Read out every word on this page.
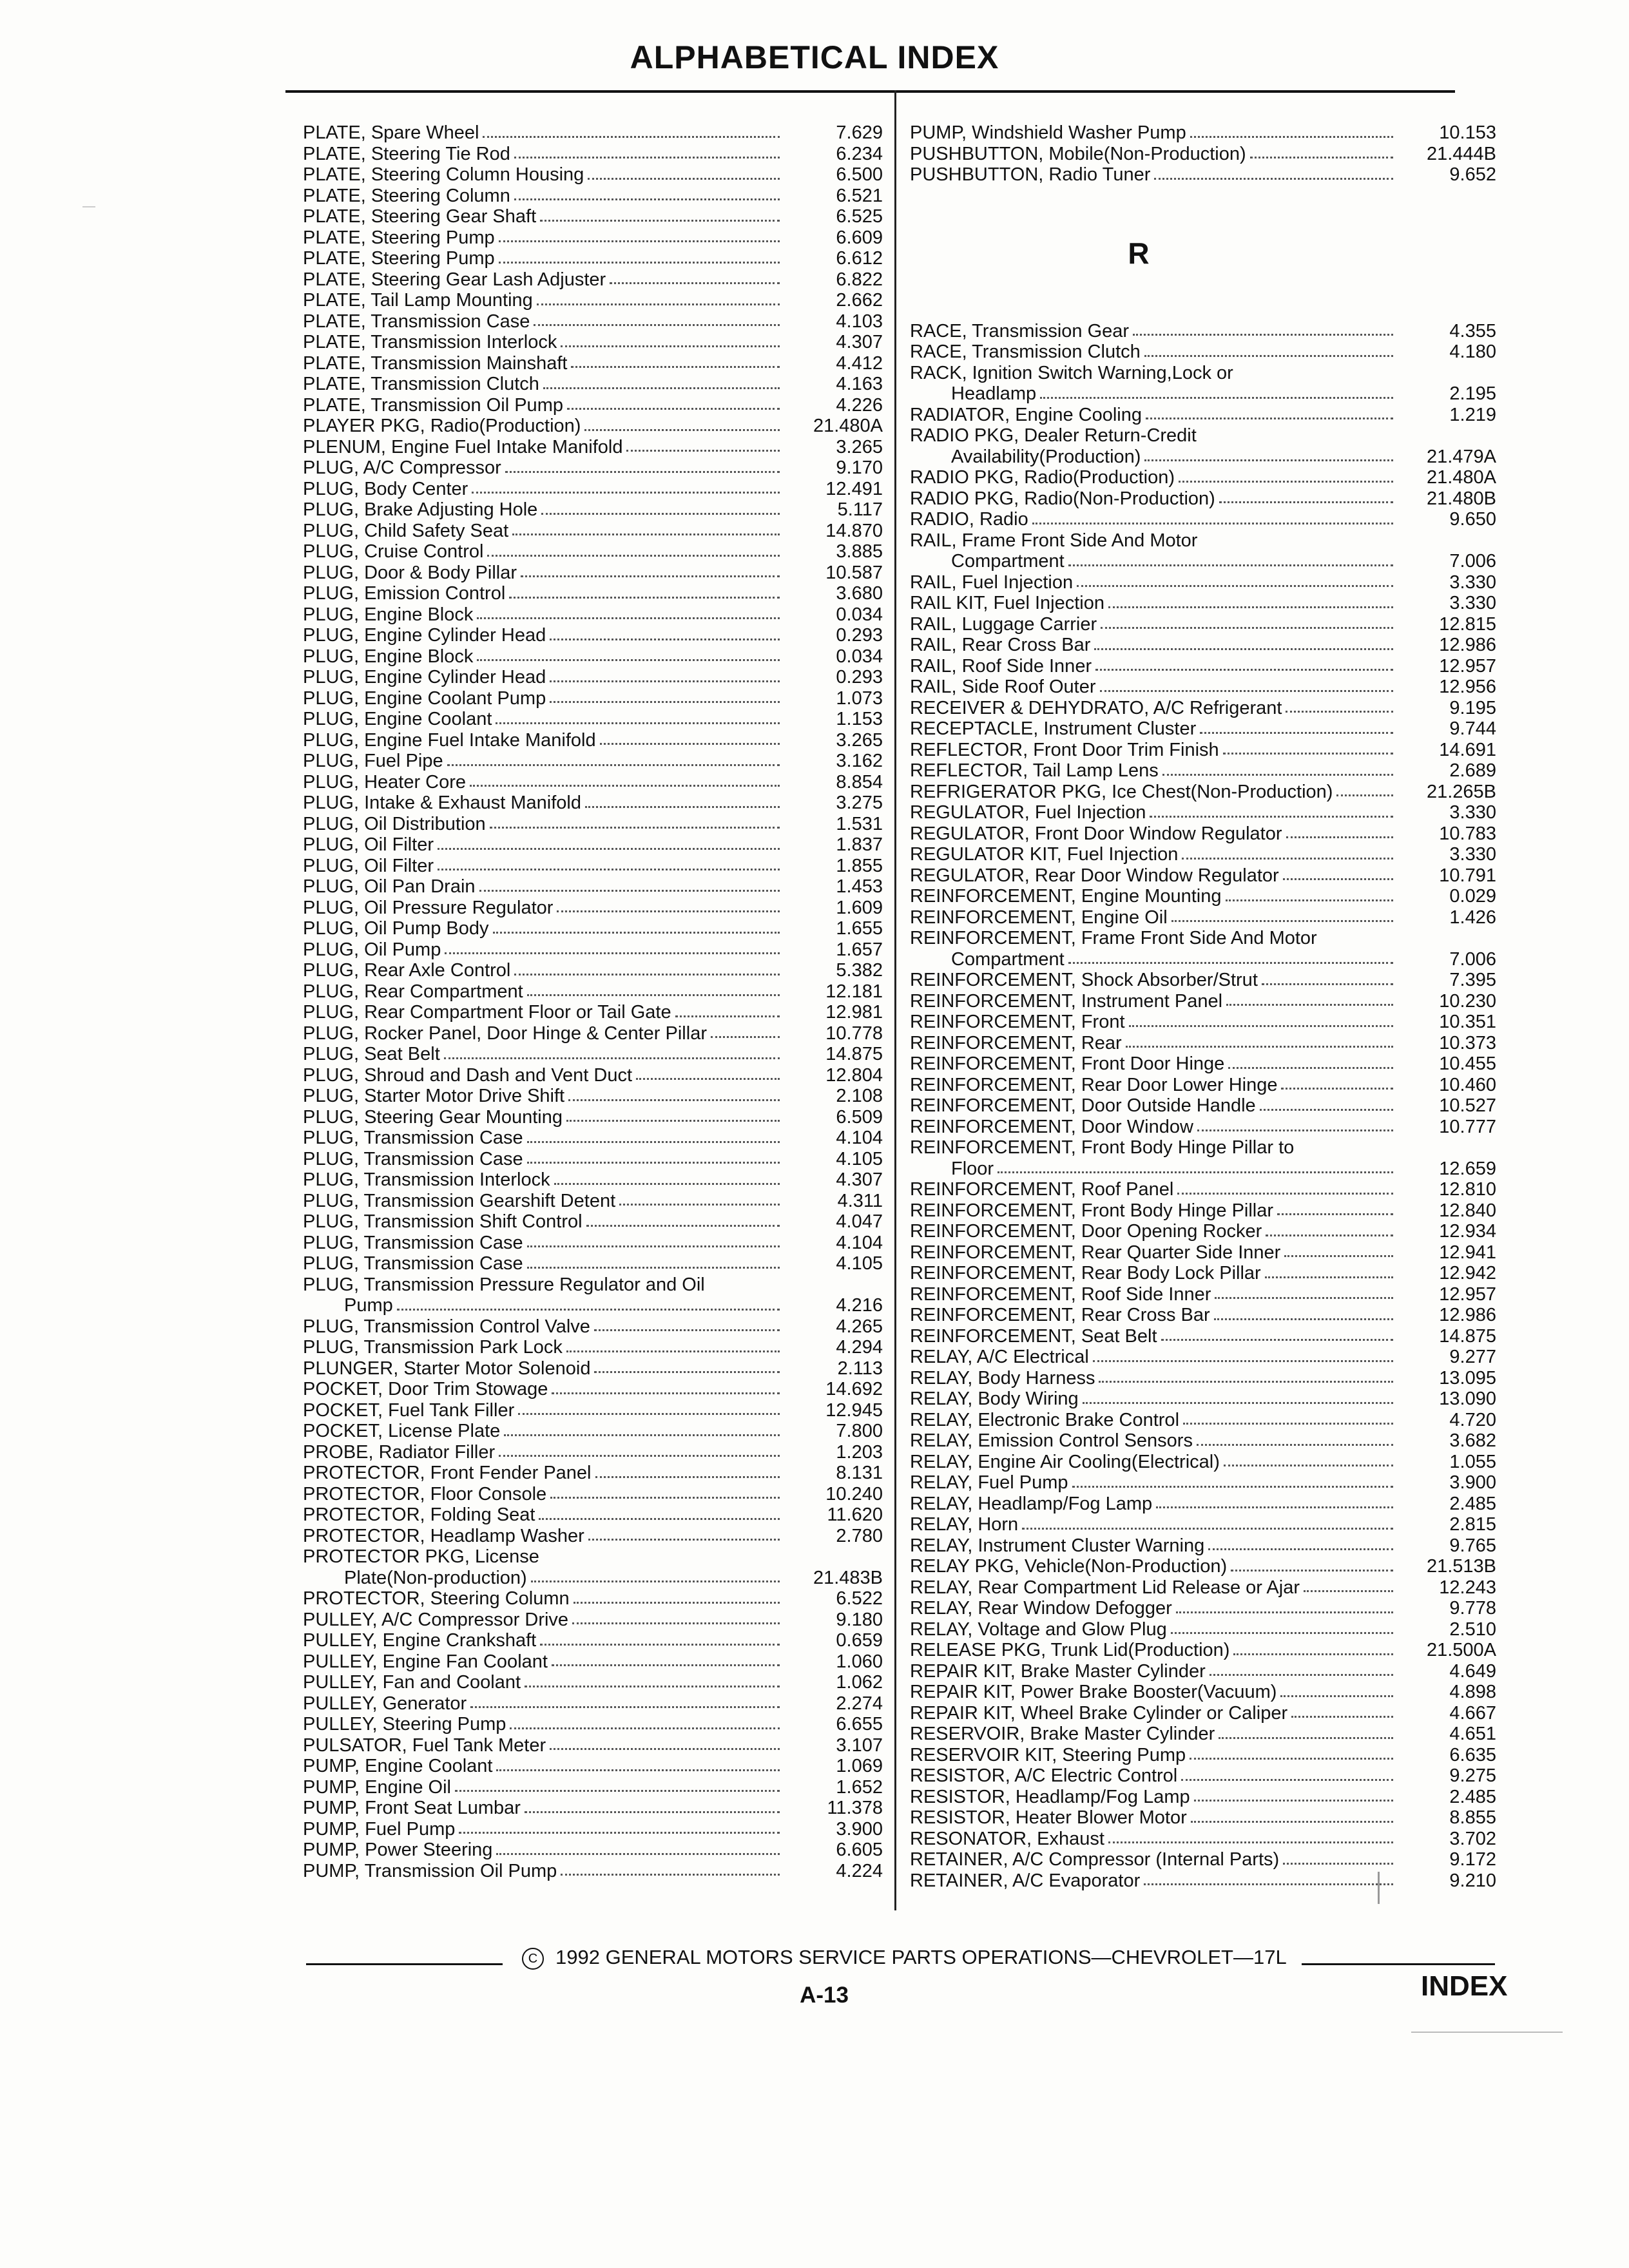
ALPHABETICAL INDEX
PLATE, Spare Wheel	7.629
PLATE, Steering Tie Rod	6.234
PLATE, Steering Column Housing	6.500
PLATE, Steering Column	6.521
PLATE, Steering Gear Shaft	6.525
PLATE, Steering Pump	6.609
PLATE, Steering Pump	6.612
PLATE, Steering Gear Lash Adjuster	6.822
PLATE, Tail Lamp Mounting	2.662
PLATE, Transmission Case	4.103
PLATE, Transmission Interlock	4.307
PLATE, Transmission Mainshaft	4.412
PLATE, Transmission Clutch	4.163
PLATE, Transmission Oil Pump	4.226
PLAYER PKG, Radio(Production)	21.480A
PLENUM, Engine Fuel Intake Manifold	3.265
PLUG, A/C Compressor	9.170
PLUG, Body Center	12.491
PLUG, Brake Adjusting Hole	5.117
PLUG, Child Safety Seat	14.870
PLUG, Cruise Control	3.885
PLUG, Door & Body Pillar	10.587
PLUG, Emission Control	3.680
PLUG, Engine Block	0.034
PLUG, Engine Cylinder Head	0.293
PLUG, Engine Block	0.034
PLUG, Engine Cylinder Head	0.293
PLUG, Engine Coolant Pump	1.073
PLUG, Engine Coolant	1.153
PLUG, Engine Fuel Intake Manifold	3.265
PLUG, Fuel Pipe	3.162
PLUG, Heater Core	8.854
PLUG, Intake & Exhaust Manifold	3.275
PLUG, Oil Distribution	1.531
PLUG, Oil Filter	1.837
PLUG, Oil Filter	1.855
PLUG, Oil Pan Drain	1.453
PLUG, Oil Pressure Regulator	1.609
PLUG, Oil Pump Body	1.655
PLUG, Oil Pump	1.657
PLUG, Rear Axle Control	5.382
PLUG, Rear Compartment	12.181
PLUG, Rear Compartment Floor or Tail Gate	12.981
PLUG, Rocker Panel, Door Hinge & Center Pillar	10.778
PLUG, Seat Belt	14.875
PLUG, Shroud and Dash and Vent Duct	12.804
PLUG, Starter Motor Drive Shift	2.108
PLUG, Steering Gear Mounting	6.509
PLUG, Transmission Case	4.104
PLUG, Transmission Case	4.105
PLUG, Transmission Interlock	4.307
PLUG, Transmission Gearshift Detent	4.311
PLUG, Transmission Shift Control	4.047
PLUG, Transmission Case	4.104
PLUG, Transmission Case	4.105
PLUG, Transmission Pressure Regulator and Oil
Pump	4.216
PLUG, Transmission Control Valve	4.265
PLUG, Transmission Park Lock	4.294
PLUNGER, Starter Motor Solenoid	2.113
POCKET, Door Trim Stowage	14.692
POCKET, Fuel Tank Filler	12.945
POCKET, License Plate	7.800
PROBE, Radiator Filler	1.203
PROTECTOR, Front Fender Panel	8.131
PROTECTOR, Floor Console	10.240
PROTECTOR, Folding Seat	11.620
PROTECTOR, Headlamp Washer	2.780
PROTECTOR PKG, License
Plate(Non-production)	21.483B
PROTECTOR, Steering Column	6.522
PULLEY, A/C Compressor Drive	9.180
PULLEY, Engine Crankshaft	0.659
PULLEY, Engine Fan Coolant	1.060
PULLEY, Fan and Coolant	1.062
PULLEY, Generator	2.274
PULLEY, Steering Pump	6.655
PULSATOR, Fuel Tank Meter	3.107
PUMP, Engine Coolant	1.069
PUMP, Engine Oil	1.652
PUMP, Front Seat Lumbar	11.378
PUMP, Fuel Pump	3.900
PUMP, Power Steering	6.605
PUMP, Transmission Oil Pump	4.224
PUMP, Windshield Washer Pump	10.153
PUSHBUTTON, Mobile(Non-Production)	21.444B
PUSHBUTTON, Radio Tuner	9.652
R
RACE, Transmission Gear	4.355
RACE, Transmission Clutch	4.180
RACK, Ignition Switch Warning,Lock or
Headlamp	2.195
RADIATOR, Engine Cooling	1.219
RADIO PKG, Dealer Return-Credit
Availability(Production)	21.479A
RADIO PKG, Radio(Production)	21.480A
RADIO PKG, Radio(Non-Production)	21.480B
RADIO, Radio	9.650
RAIL, Frame Front Side And Motor
Compartment	7.006
RAIL, Fuel Injection	3.330
RAIL KIT, Fuel Injection	3.330
RAIL, Luggage Carrier	12.815
RAIL, Rear Cross Bar	12.986
RAIL, Roof Side Inner	12.957
RAIL, Side Roof Outer	12.956
RECEIVER & DEHYDRATO, A/C Refrigerant	9.195
RECEPTACLE, Instrument Cluster	9.744
REFLECTOR, Front Door Trim Finish	14.691
REFLECTOR, Tail Lamp Lens	2.689
REFRIGERATOR PKG, Ice Chest(Non-Production)	21.265B
REGULATOR, Fuel Injection	3.330
REGULATOR, Front Door Window Regulator	10.783
REGULATOR KIT, Fuel Injection	3.330
REGULATOR, Rear Door Window Regulator	10.791
REINFORCEMENT, Engine Mounting	0.029
REINFORCEMENT, Engine Oil	1.426
REINFORCEMENT, Frame Front Side And Motor
Compartment	7.006
REINFORCEMENT, Shock Absorber/Strut	7.395
REINFORCEMENT, Instrument Panel	10.230
REINFORCEMENT, Front	10.351
REINFORCEMENT, Rear	10.373
REINFORCEMENT, Front Door Hinge	10.455
REINFORCEMENT, Rear Door Lower Hinge	10.460
REINFORCEMENT, Door Outside Handle	10.527
REINFORCEMENT, Door Window	10.777
REINFORCEMENT, Front Body Hinge Pillar to
Floor	12.659
REINFORCEMENT, Roof Panel	12.810
REINFORCEMENT, Front Body Hinge Pillar	12.840
REINFORCEMENT, Door Opening Rocker	12.934
REINFORCEMENT, Rear Quarter Side Inner	12.941
REINFORCEMENT, Rear Body Lock Pillar	12.942
REINFORCEMENT, Roof Side Inner	12.957
REINFORCEMENT, Rear Cross Bar	12.986
REINFORCEMENT, Seat Belt	14.875
RELAY, A/C Electrical	9.277
RELAY, Body Harness	13.095
RELAY, Body Wiring	13.090
RELAY, Electronic Brake Control	4.720
RELAY, Emission Control Sensors	3.682
RELAY, Engine Air Cooling(Electrical)	1.055
RELAY, Fuel Pump	3.900
RELAY, Headlamp/Fog Lamp	2.485
RELAY, Horn	2.815
RELAY, Instrument Cluster Warning	9.765
RELAY PKG, Vehicle(Non-Production)	21.513B
RELAY, Rear Compartment Lid Release or Ajar	12.243
RELAY, Rear Window Defogger	9.778
RELAY, Voltage and Glow Plug	2.510
RELEASE PKG, Trunk Lid(Production)	21.500A
REPAIR KIT, Brake Master Cylinder	4.649
REPAIR KIT, Power Brake Booster(Vacuum)	4.898
REPAIR KIT, Wheel Brake Cylinder or Caliper	4.667
RESERVOIR, Brake Master Cylinder	4.651
RESERVOIR KIT, Steering Pump	6.635
RESISTOR, A/C Electric Control	9.275
RESISTOR, Headlamp/Fog Lamp	2.485
RESISTOR, Heater Blower Motor	8.855
RESONATOR, Exhaust	3.702
RETAINER, A/C Compressor (Internal Parts)	9.172
RETAINER, A/C Evaporator	9.210
C 1992 GENERAL MOTORS SERVICE PARTS OPERATIONS—CHEVROLET—17L
A-13	INDEX
